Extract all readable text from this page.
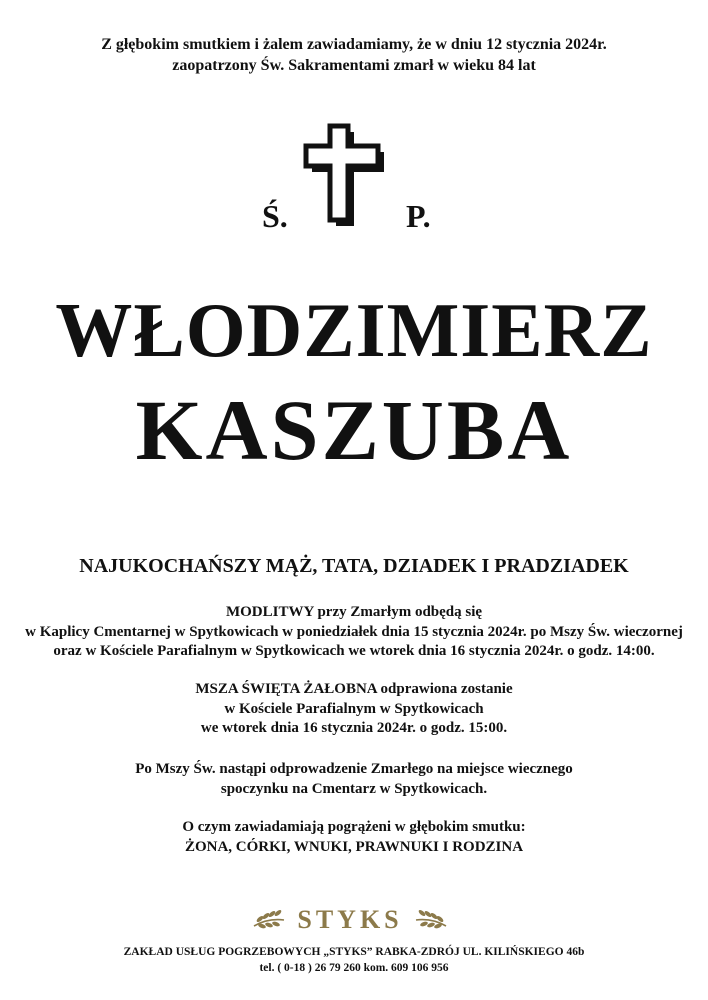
Z głębokim smutkiem i żalem zawiadamiamy, że w dniu 12 stycznia 2024r.
zaopatrzony Św. Sakramentami zmarł w wieku 84 lat
Ś.	P.
WŁODZIMIERZ
KASZUBA
NAJUKOCHAŃSZY MĄŻ, TATA, DZIADEK I PRADZIADEK
MODLITWY przy Zmarłym odbędą się
w Kaplicy Cmentarnej w Spytkowicach w poniedziałek dnia 15 stycznia 2024r. po Mszy Św. wieczornej
oraz w Kościele Parafialnym w Spytkowicach we wtorek dnia 16 stycznia 2024r. o godz. 14:00.
MSZA ŚWIĘTA ŻAŁOBNA odprawiona zostanie
w Kościele Parafialnym w Spytkowicach
we wtorek dnia 16 stycznia 2024r. o godz. 15:00.
Po Mszy Św. nastąpi odprowadzenie Zmarłego na miejsce wiecznego
spoczynku na Cmentarz w Spytkowicach.
O czym zawiadamiają pogrążeni w głębokim smutku:
ŻONA, CÓRKI, WNUKI, PRAWNUKI I RODZINA
STYKS
ZAKŁAD USŁUG POGRZEBOWYCH „STYKS” RABKA-ZDRÓJ UL. KILIŃSKIEGO 46b
tel. ( 0-18 ) 26 79 260 kom. 609 106 956
